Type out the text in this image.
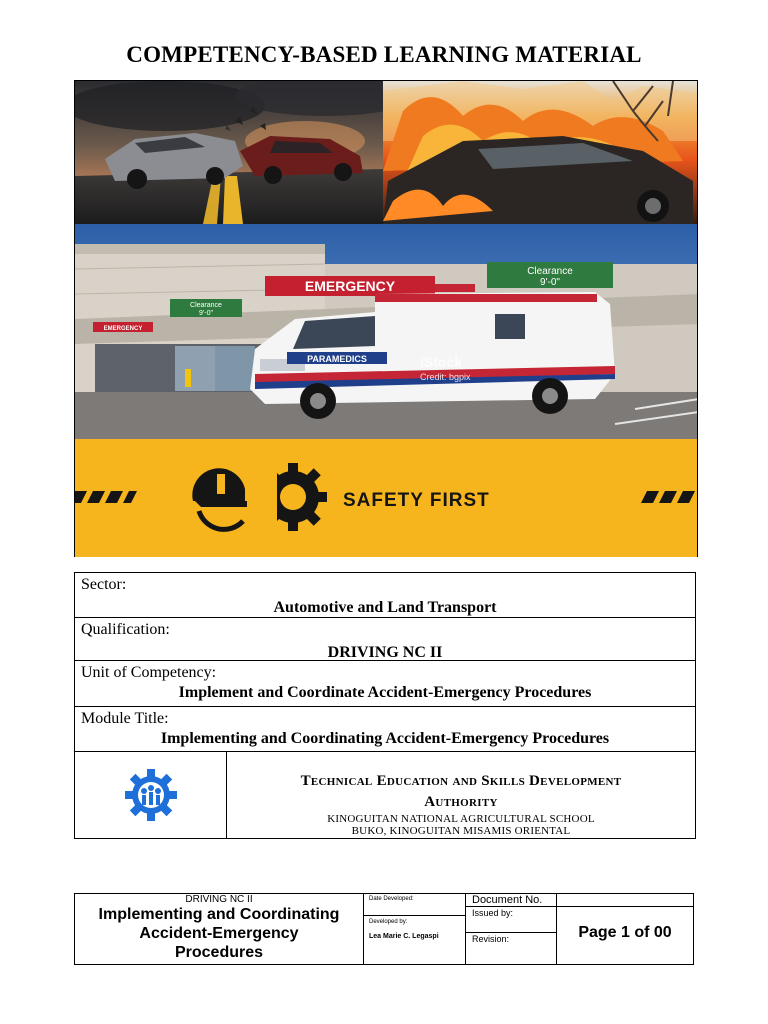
COMPETENCY-BASED LEARNING MATERIAL
EMERGENCY
EMERGENCY
Clearance
9'-0"
Clearance
9'-0"
PARAMEDICS	iStock
Credit: bgpix
SAFETY FIRST
Sector:
Automotive and Land Transport
Qualification:
DRIVING NC II
Unit of Competency:
Implement and Coordinate Accident-Emergency Procedures
Module Title:
Implementing and Coordinating Accident-Emergency Procedures
Technical Education and Skills Development
Authority
KINOGUITAN NATIONAL AGRICULTURAL SCHOOL
BUKO, KINOGUITAN MISAMIS ORIENTAL
DRIVING NC II
Implementing and Coordinating
Accident-Emergency
Procedures
Date Developed:
Developed by:
Lea Marie C. Legaspi
Document No.
Issued by:
Revision:	Page 1 of 00
